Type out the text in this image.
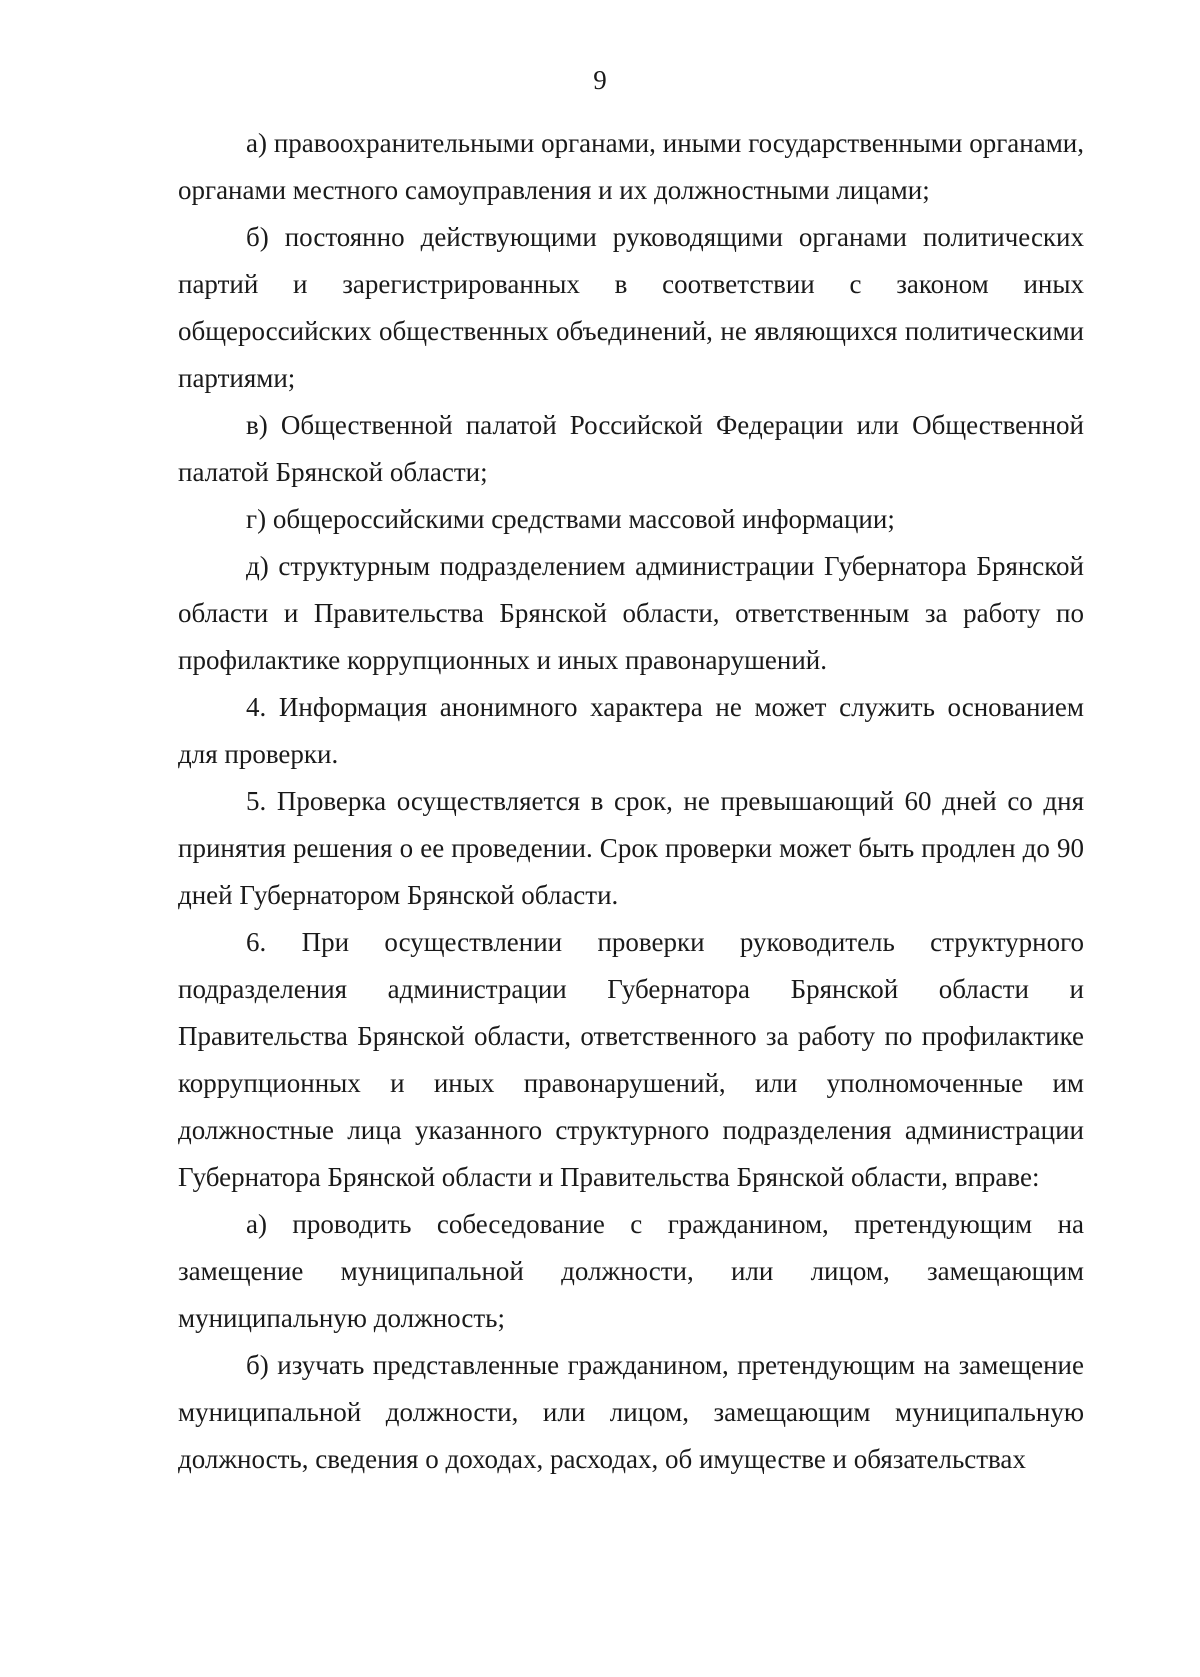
9

а) правоохранительными органами, иными государственными органами, органами местного самоуправления и их должностными лицами;

б) постоянно действующими руководящими органами политических партий и зарегистрированных в соответствии с законом иных общероссийских общественных объединений, не являющихся политическими партиями;

в) Общественной палатой Российской Федерации или Общественной палатой Брянской области;

г) общероссийскими средствами массовой информации;

д) структурным подразделением администрации Губернатора Брянской области и Правительства Брянской области, ответственным за работу по профилактике коррупционных и иных правонарушений.

4. Информация анонимного характера не может служить основанием для проверки.

5. Проверка осуществляется в срок, не превышающий 60 дней со дня принятия решения о ее проведении. Срок проверки может быть продлен до 90 дней Губернатором Брянской области.

6. При осуществлении проверки руководитель структурного подразделения администрации Губернатора Брянской области и Правительства Брянской области, ответственного за работу по профилактике коррупционных и иных правонарушений, или уполномоченные им должностные лица указанного структурного подразделения администрации Губернатора Брянской области и Правительства Брянской области, вправе:

а) проводить собеседование с гражданином, претендующим на замещение муниципальной должности, или лицом, замещающим муниципальную должность;

б) изучать представленные гражданином, претендующим на замещение муниципальной должности, или лицом, замещающим муниципальную должность, сведения о доходах, расходах, об имуществе и обязательствах
